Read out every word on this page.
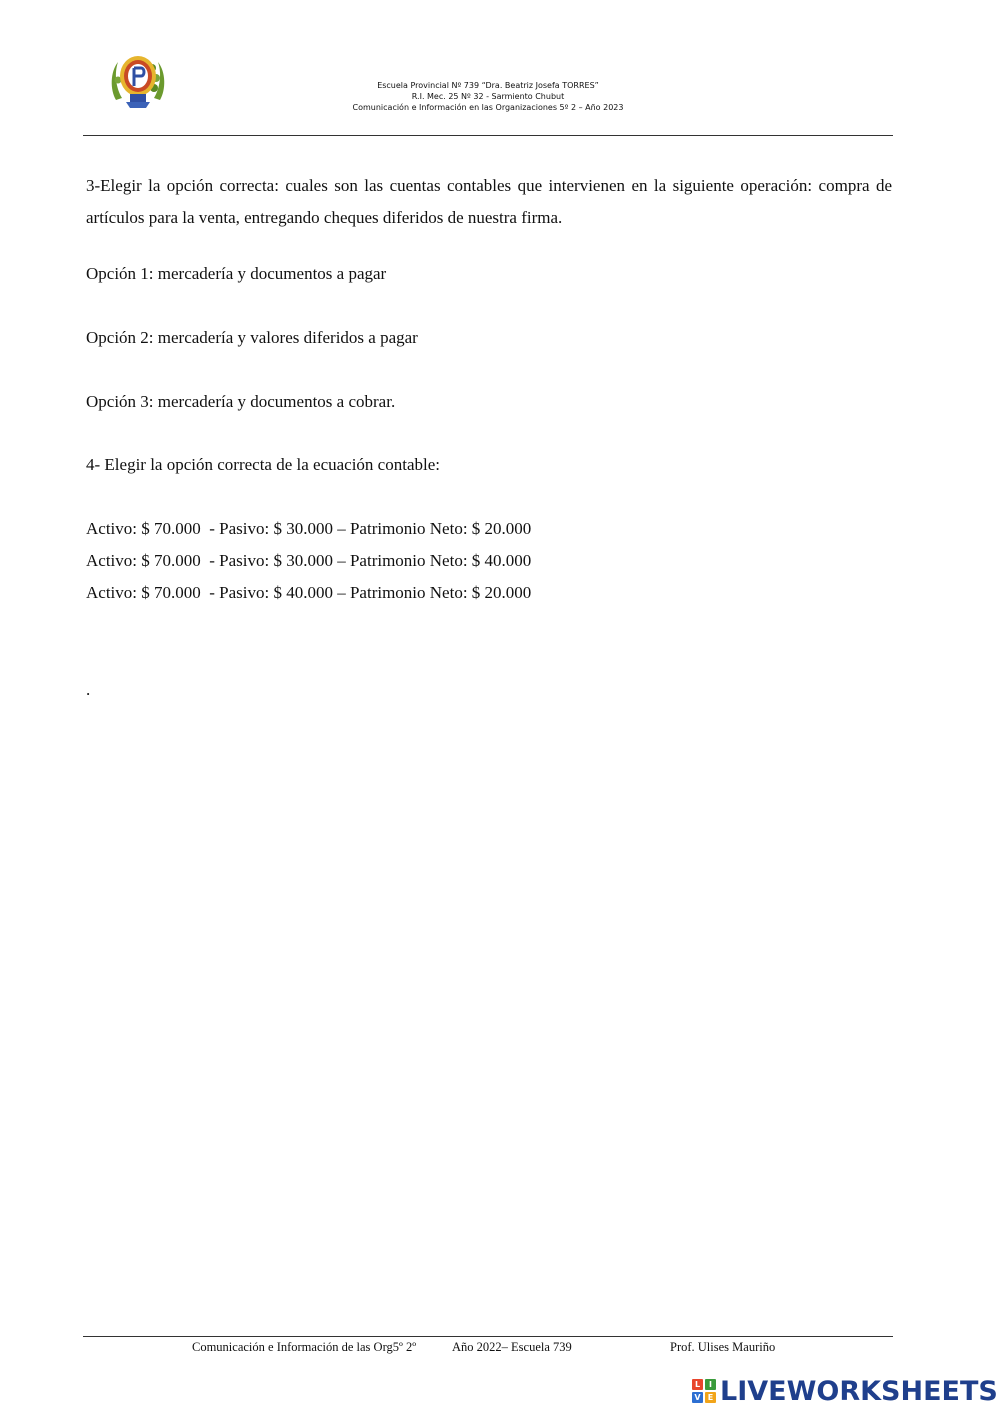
Escuela Provincial Nº 739 “Dra. Beatriz Josefa TORRES”
R.I. Mec. 25 Nº 32 - Sarmiento Chubut
Comunicación e Información en las Organizaciones 5º 2 – Año 2023
3-Elegir la opción correcta: cuales son las cuentas contables que intervienen en la siguiente operación: compra de artículos para la venta, entregando cheques diferidos de nuestra firma.
Opción 1: mercadería y documentos a pagar
Opción 2: mercadería y valores diferidos a pagar
Opción 3: mercadería y documentos a cobrar.
4- Elegir la opción correcta de la ecuación contable:
Activo: $ 70.000  - Pasivo: $ 30.000 – Patrimonio Neto: $ 20.000
Activo: $ 70.000  - Pasivo: $ 30.000 – Patrimonio Neto: $ 40.000
Activo: $ 70.000  - Pasivo: $ 40.000 – Patrimonio Neto: $ 20.000
.
Comunicación e Información de las Org5º 2º	Año 2022– Escuela 739	Prof. Ulises Mauriño
L	I
V E LIVEWORKSHEETS
